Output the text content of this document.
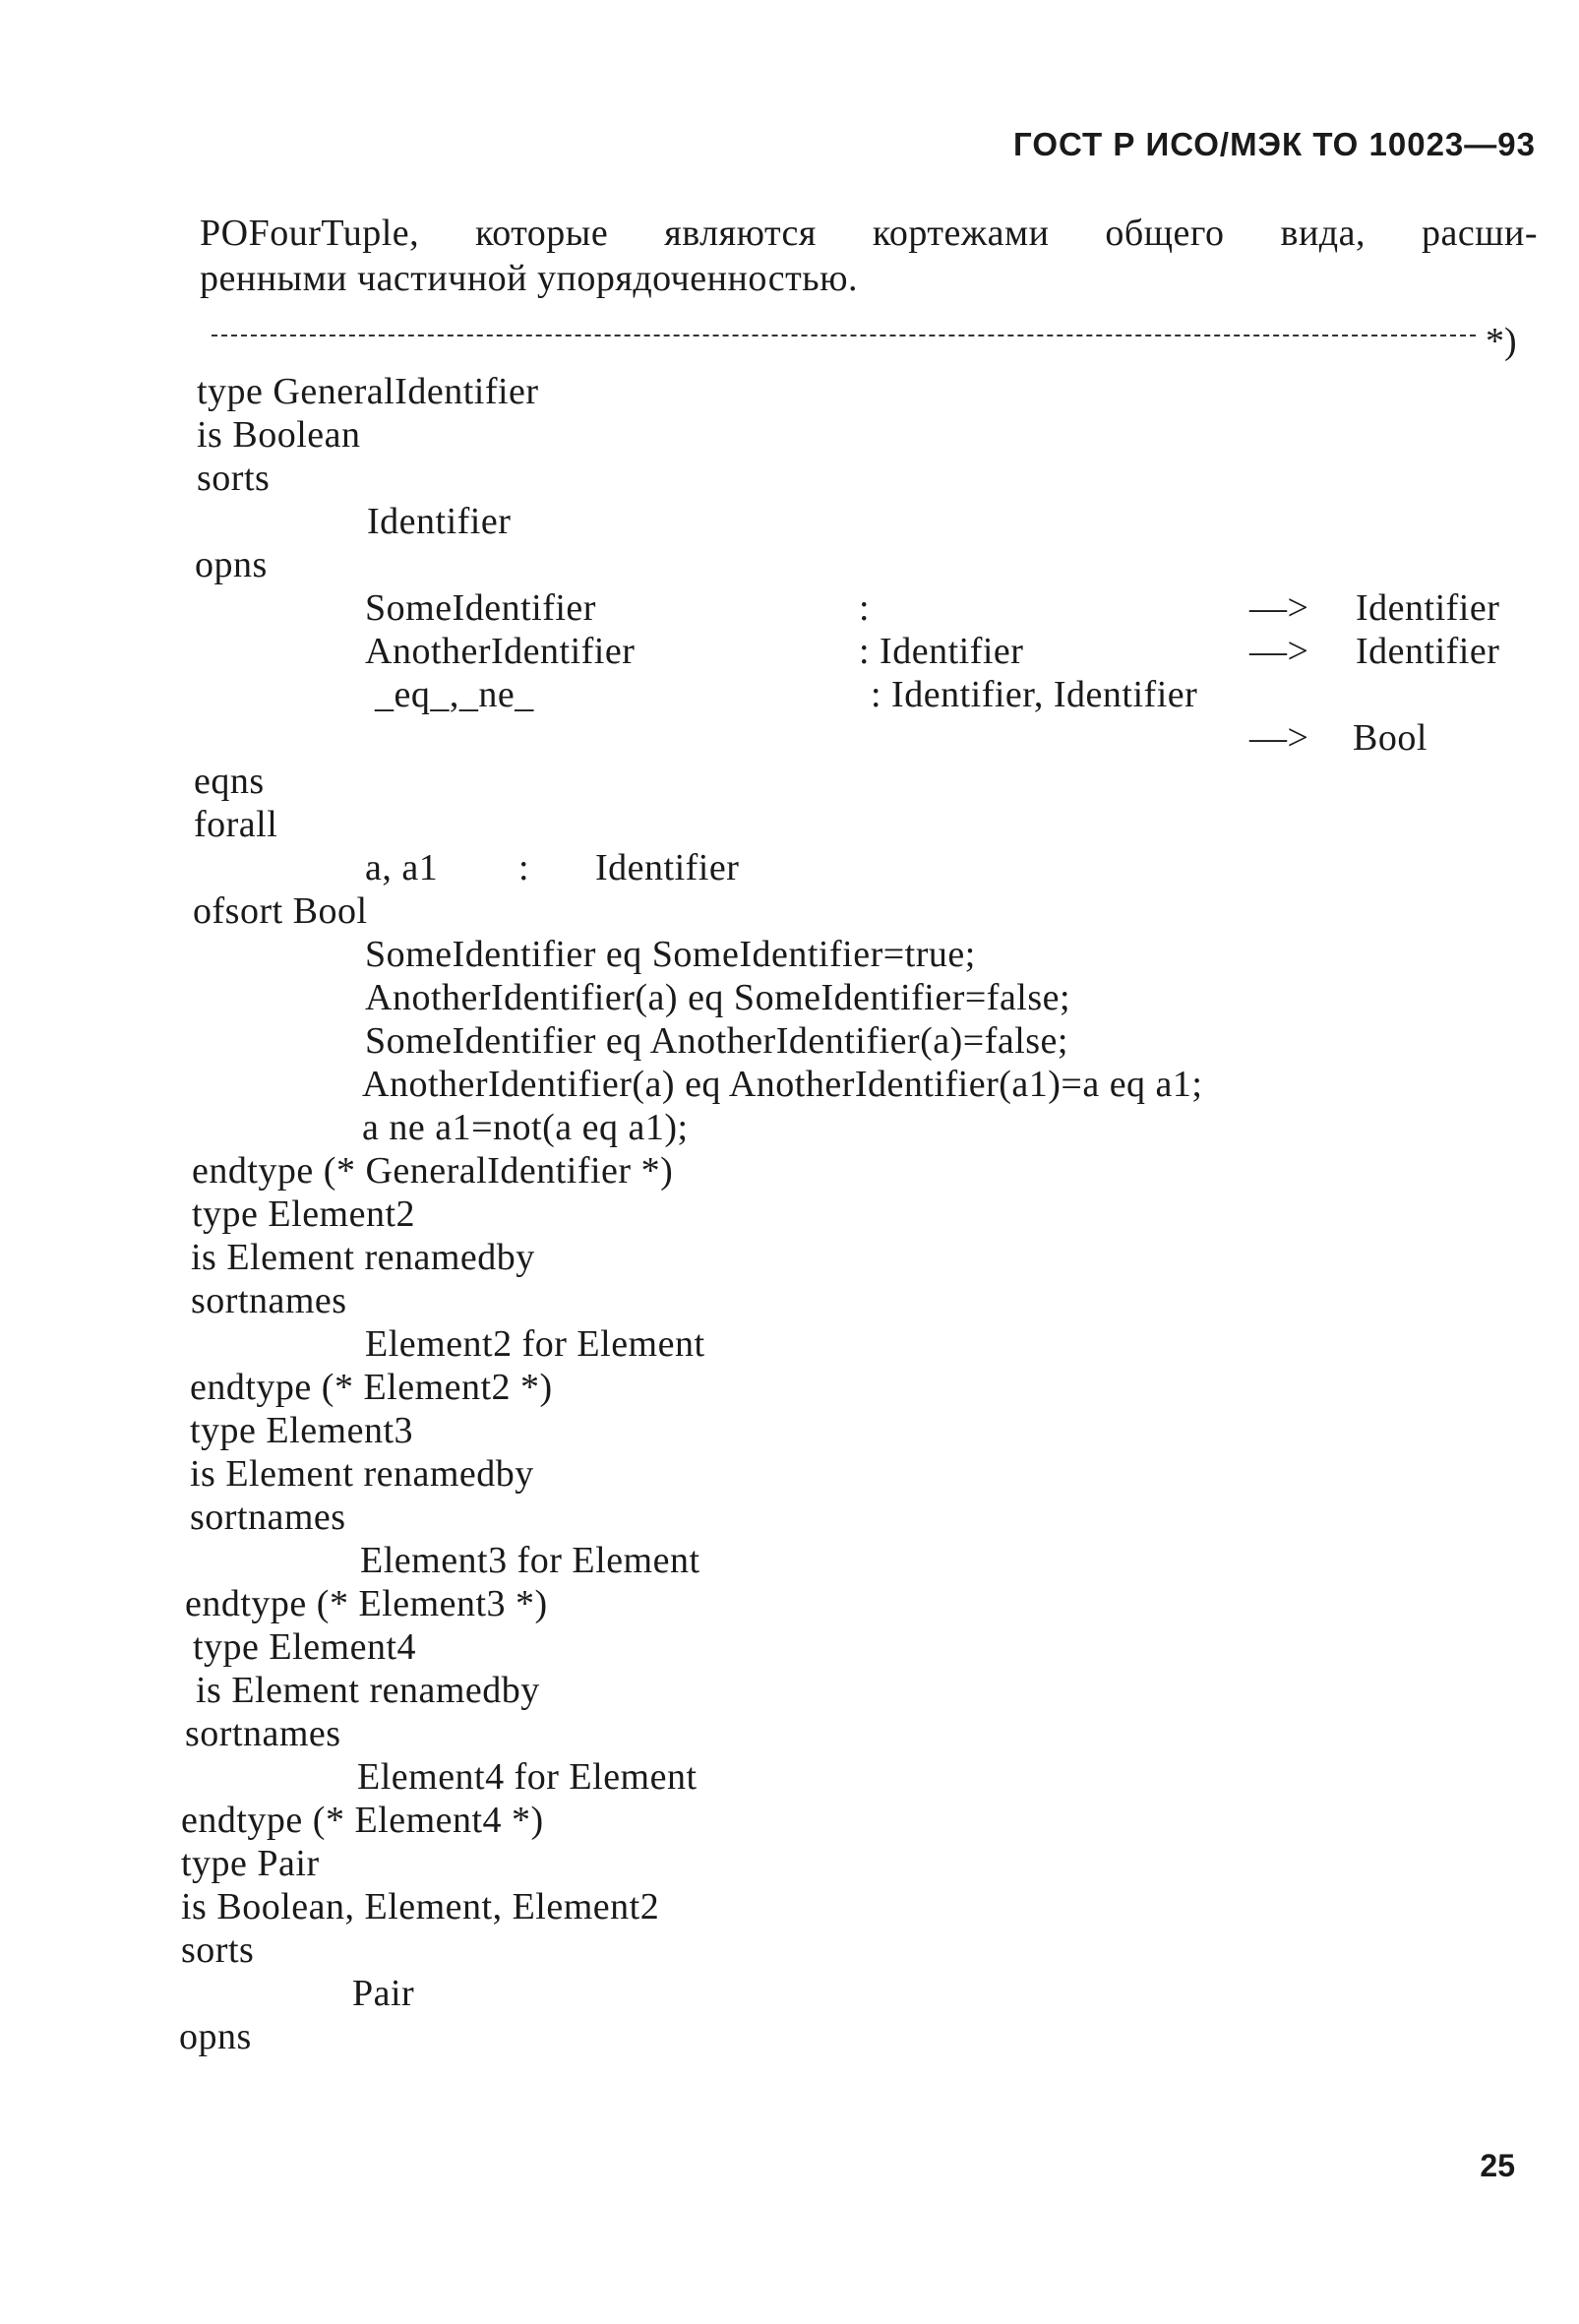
ГОСТ Р ИСО/МЭК ТО 10023—93

POFourTuple, которые являются кортежами общего вида, расши-

ренными частичной упорядоченностью.

*)
type GeneralIdentifier
is Boolean
sorts
Identifier
opns
SomeIdentifier	:	—> Identifier
AnotherIdentifier	: Identifier	—> Identifier
_eq_,_ne_	: Identifier, Identifier
—> Bool
eqns
forall
a, a1 : Identifier
ofsort Bool
SomeIdentifier eq SomeIdentifier=true;
AnotherIdentifier(a) eq SomeIdentifier=false;
SomeIdentifier eq AnotherIdentifier(a)=false;
AnotherIdentifier(a) eq AnotherIdentifier(a1)=a eq a1;
a ne a1=not(a eq a1);
endtype (* GeneralIdentifier *)
type Element2
is Element renamedby
sortnames
Element2 for Element
endtype (* Element2 *)
type Element3
is Element renamedby
sortnames
Element3 for Element
endtype (* Element3 *)
type Element4
is Element renamedby
sortnames
Element4 for Element
endtype (* Element4 *)
type Pair
is Boolean, Element, Element2
sorts
Pair
opns
25
